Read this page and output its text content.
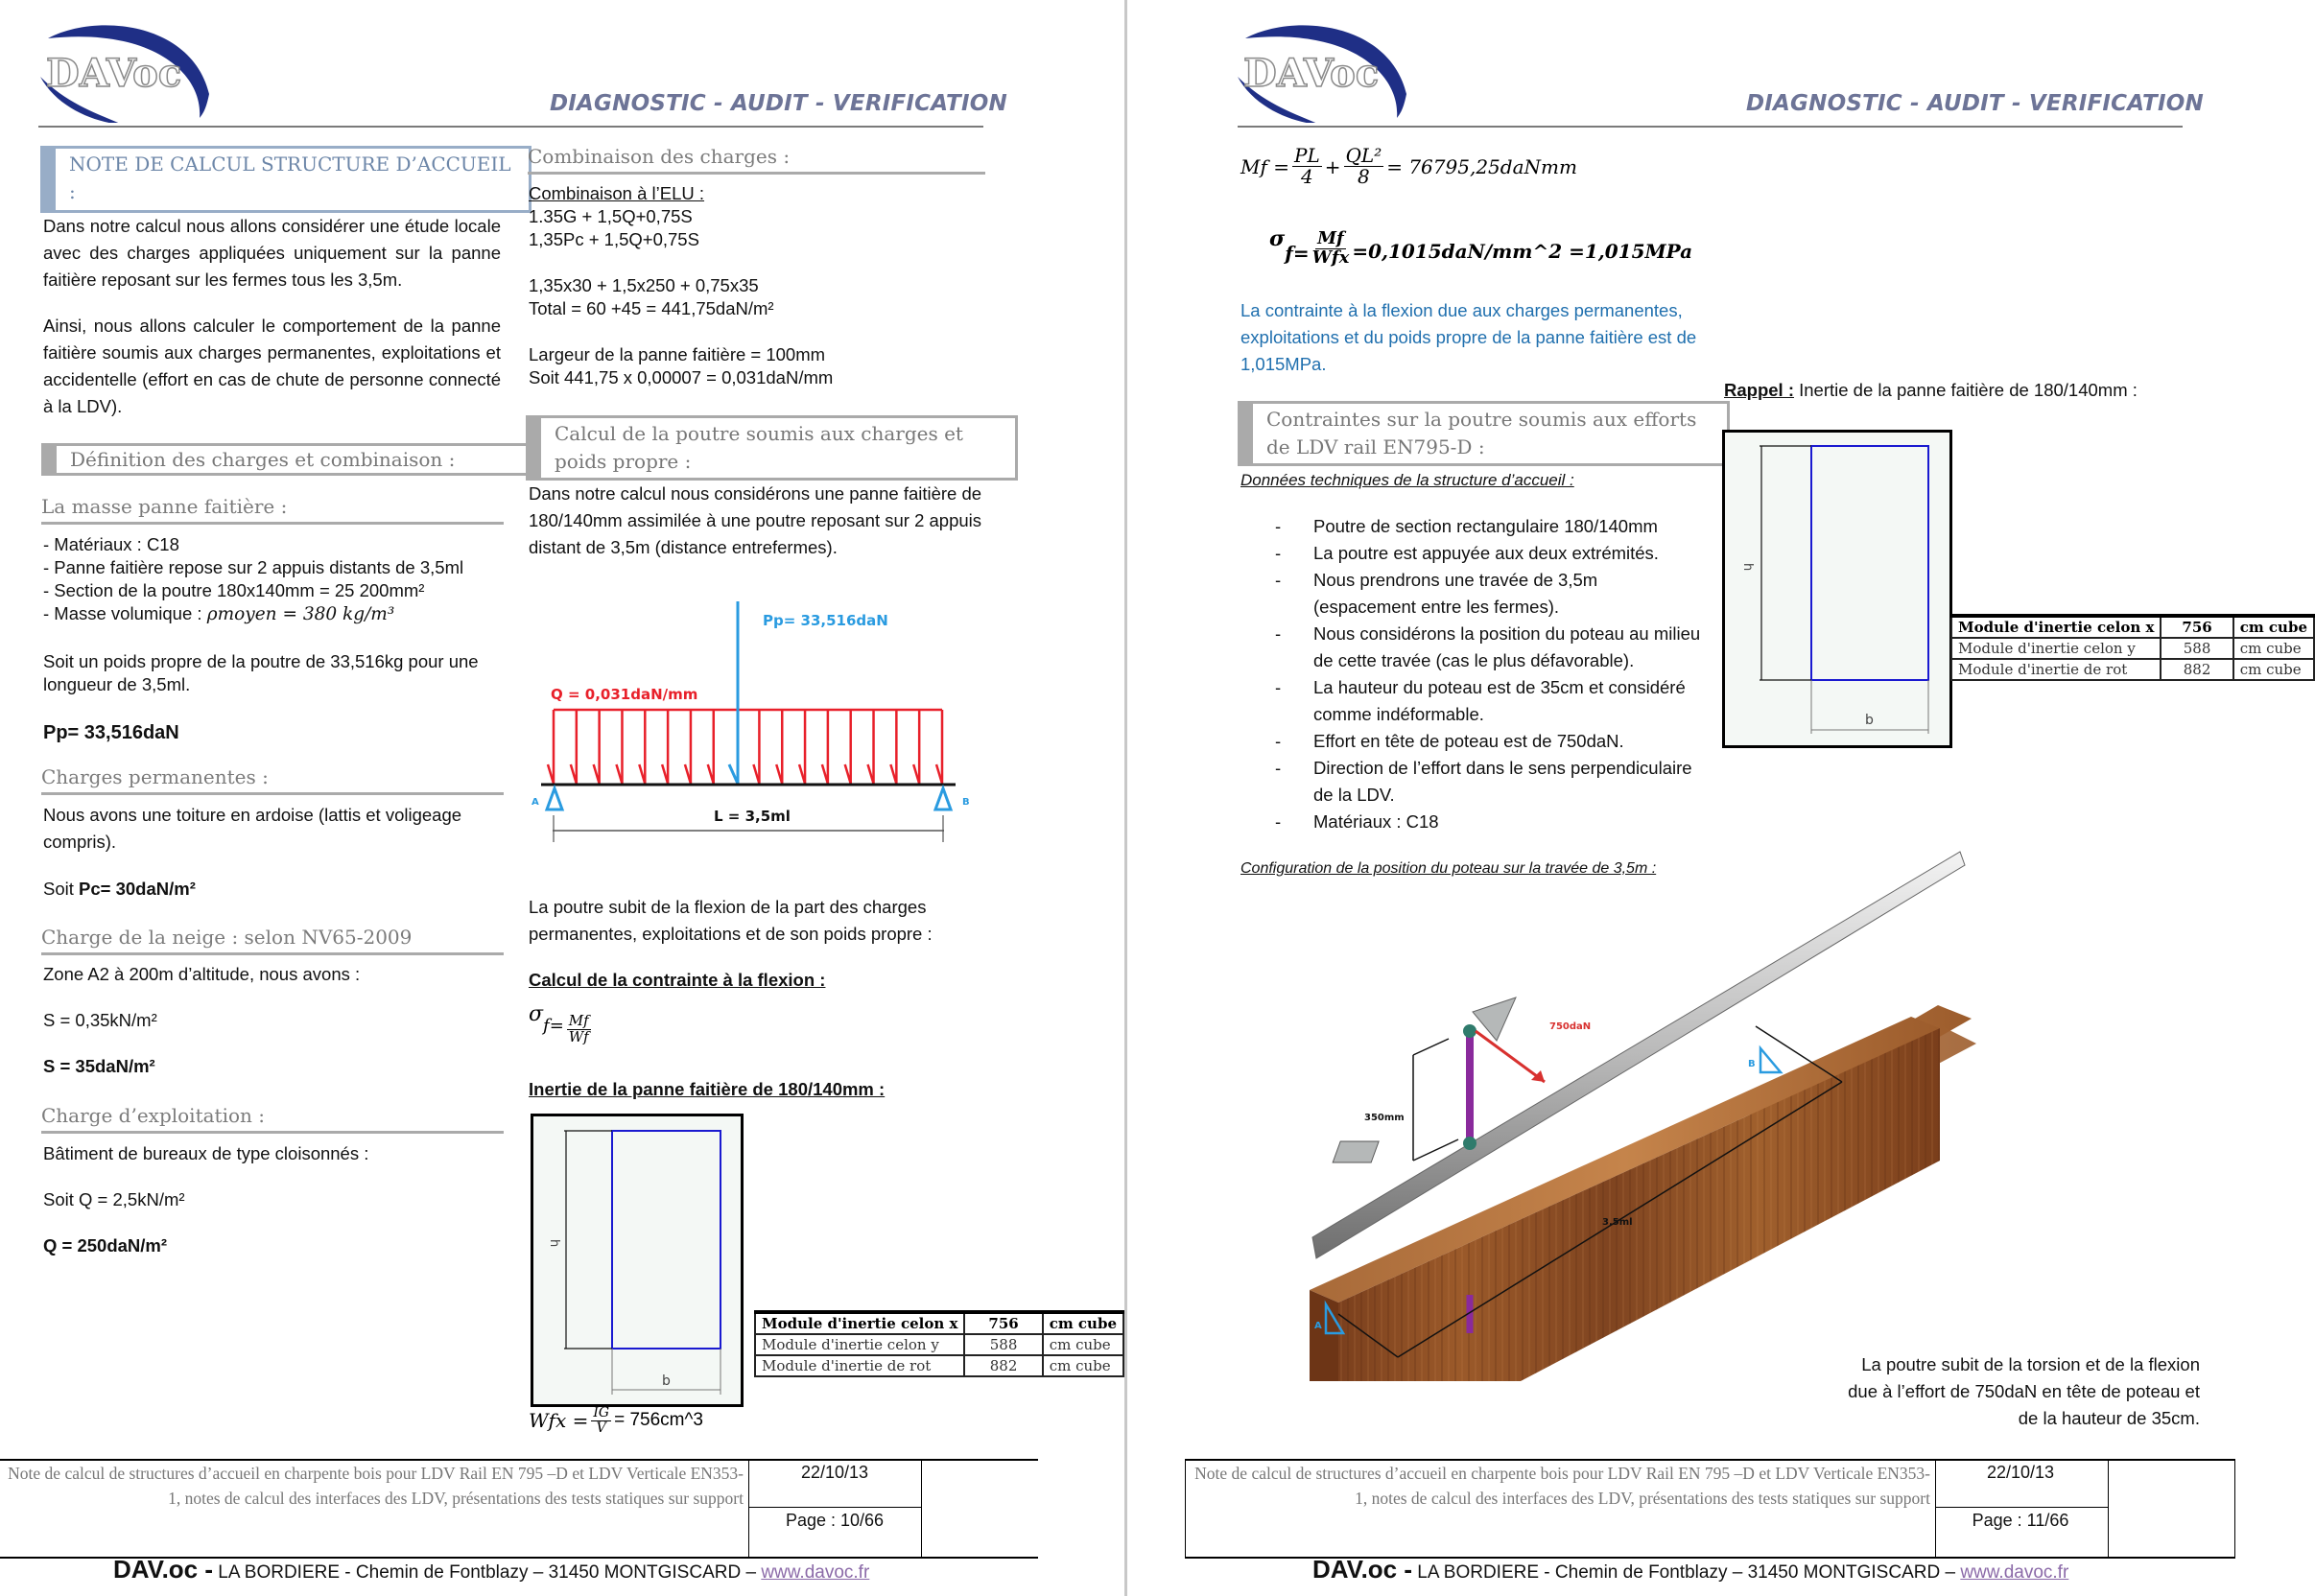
DAVoc
DIAGNOSTIC - AUDIT - VERIFICATION
NOTE DE CALCUL STRUCTURE D’ACCUEIL :
Dans notre calcul nous allons considérer une étude locale avec des charges appliquées uniquement sur la panne faitière reposant sur les fermes tous les 3,5m.
Ainsi, nous allons calculer le comportement de la panne faitière soumis aux charges permanentes, exploitations et accidentelle (effort en cas de chute de personne connecté à la LDV).
Définition des charges et combinaison :
La masse panne faitière :
- Matériaux : C18
- Panne faitière repose sur 2 appuis distants de 3,5ml
- Section de la poutre 180x140mm = 25 200mm²
- Masse volumique : ρmoyen = 380 kg/m³
Soit un poids propre de la poutre de 33,516kg pour une longueur de 3,5ml.
Pp= 33,516daN
Charges permanentes :
Nous avons une toiture en ardoise (lattis et voligeage compris).
Soit Pc= 30daN/m²
Charge de la neige : selon NV65-2009
Zone A2 à 200m d’altitude, nous avons :
S = 0,35kN/m²
S = 35daN/m²
Charge d’exploitation :
Bâtiment de bureaux de type cloisonnés :
Soit Q = 2,5kN/m²
Q = 250daN/m²
Combinaison des charges :
Combinaison à l’ELU :
1.35G + 1,5Q+0,75S
1,35Pc + 1,5Q+0,75S
1,35x30 + 1,5x250 + 0,75x35
Total = 60 +45 = 441,75daN/m²
Largeur de la panne faitière = 100mm
Soit 441,75 x 0,00007 = 0,031daN/mm
Calcul de la poutre soumis aux charges et poids propre :
Dans notre calcul nous considérons une panne faitière de 180/140mm assimilée à une poutre reposant sur 2 appuis distant de 3,5m (distance entrefermes).
Q = 0,031daN/mm
Pp= 33,516daN
L = 3,5ml
A	B
La poutre subit de la flexion de la part des charges permanentes, exploitations et de son poids propre :
Calcul de la contrainte à la flexion :
σ $f= \frac{Mf}{Wf}$
Inertie de la panne faitière de 180/140mm :
h
b
Module d'inertie celon x	756	cm cube
Module d'inertie celon y	588	cm cube
Module d'inertie de rot	882	cm cube
Wfx = $\frac{IG}{V}$ = 756cm^3
Note de calcul de structures d’accueil en charpente bois pour LDV Rail EN 795 –D et LDV Verticale EN353-1, notes de calcul des interfaces des LDV, présentations des tests statiques sur support
22/10/13
Page : 10/66
DAV.oc - LA BORDIERE - Chemin de Fontblazy – 31450 MONTGISCARD – www.davoc.fr
DAVoc
DIAGNOSTIC - AUDIT - VERIFICATION
$Mf = \frac{PL}{4} + \frac{\text{QL²}}{8}$ = 76795,25daNmm
σ
$f= \frac{Mf}{\text{Wfx}}$ =0,1015daN/mm^2 =1,015MPa
La contrainte à la flexion due aux charges permanentes, exploitations et du poids propre de la panne faitière est de 1,015MPa.
Contraintes sur la poutre soumis aux efforts de LDV rail EN795-D :
Données techniques de la structure d’accueil :
- Poutre de section rectangulaire 180/140mm
- La poutre est appuyée aux deux extrémités.
- Nous prendrons une travée de 3,5m (espacement entre les fermes).
- Nous considérons la position du poteau au milieu de cette travée (cas le plus défavorable).
- La hauteur du poteau est de 35cm et considéré comme indéformable.
- Effort en tête de poteau est de 750daN.
- Direction de l’effort dans le sens perpendiculaire de la LDV.
- Matériaux : C18
Configuration de la position du poteau sur la travée de 3,5m :
Rappel : Inertie de la panne faitière de 180/140mm :
h
b
Module d'inertie celon x	756	cm cube
Module d'inertie celon y	588	cm cube
Module d'inertie de rot	882	cm cube
750daN
350mm
3,5ml
A
B
La poutre subit de la torsion et de la flexion
due à l’effort de 750daN en tête de poteau et
de la hauteur de 35cm.
Note de calcul de structures d’accueil en charpente bois pour LDV Rail EN 795 –D et LDV Verticale EN353-1, notes de calcul des interfaces des LDV, présentations des tests statiques sur support
22/10/13
Page : 11/66
DAV.oc - LA BORDIERE - Chemin de Fontblazy – 31450 MONTGISCARD – www.davoc.fr
